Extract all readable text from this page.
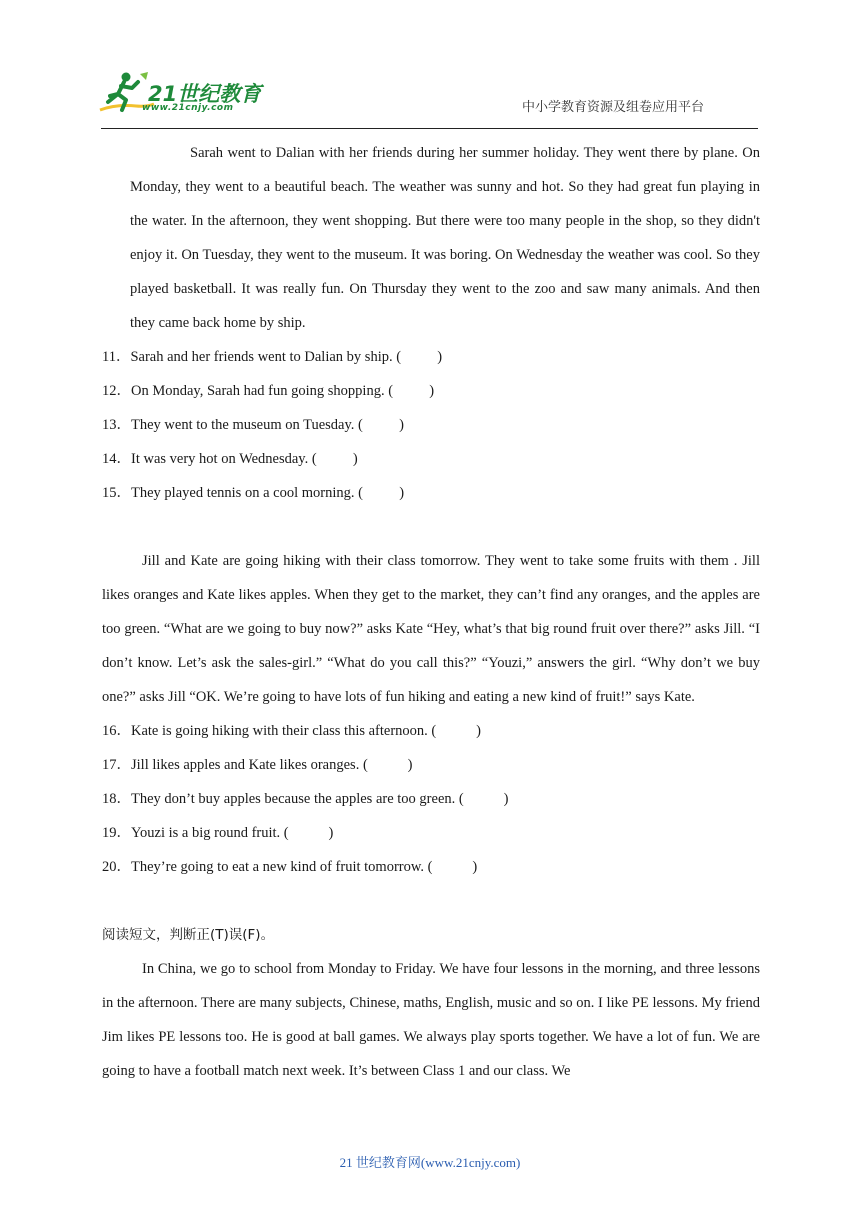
21世纪教育
www.21cnjy.com	中小学教育资源及组卷应用平台

Sarah went to Dalian with her friends during her summer holiday. They went there by plane. On Monday, they went to a beautiful beach. The weather was sunny and hot. So they had great fun playing in the water. In the afternoon, they went shopping. But there were too many people in the shop, so they didn't enjoy it. On Tuesday, they went to the museum. It was boring. On Wednesday the weather was cool. So they played basketball. It was really fun. On Thursday they went to the zoo and saw many animals. And then they came back home by ship.

11．Sarah and her friends went to Dalian by ship. (          )

12．On Monday, Sarah had fun going shopping. (          )

13．They went to the museum on Tuesday. (          )

14．It was very hot on Wednesday. (          )

15．They played tennis on a cool morning. (          )

Jill and Kate are going hiking with their class tomorrow. They went to take some fruits with them . Jill likes oranges and Kate likes apples. When they get to the market, they can’t find any oranges, and the apples are too green. “What are we going to buy now?” asks Kate “Hey, what’s that big round fruit over there?” asks Jill. “I don’t know. Let’s ask the sales-girl.” “What do you call this?” “Youzi,” answers the girl. “Why don’t we buy one?” asks Jill “OK. We’re going to have lots of fun hiking and eating a new kind of fruit!” says Kate.

16．Kate is going hiking with their class this afternoon. (           )

17．Jill likes apples and Kate likes oranges. (           )

18．They don’t buy apples because the apples are too green. (           )

19．Youzi is a big round fruit. (           )

20．They’re going to eat a new kind of fruit tomorrow. (           )

阅读短文，判断正(T)误(F)。

In China, we go to school from Monday to Friday. We have four lessons in the morning, and three lessons in the afternoon. There are many subjects, Chinese, maths, English, music and so on. I like PE lessons. My friend Jim likes PE lessons too. He is good at ball games. We always play sports together. We have a lot of fun. We are going to have a football match next week. It’s between Class 1 and our class. We

21 世纪教育网(www.21cnjy.com)
